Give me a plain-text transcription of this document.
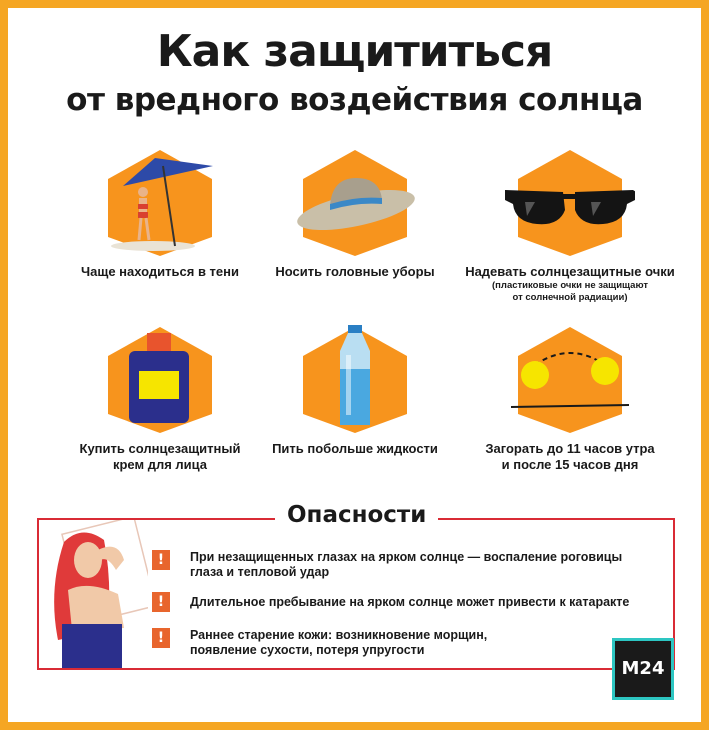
Как защититься
от вредного воздействия солнца
Чаще находиться в тени	Носить головные уборы	Надевать солнцезащитные очки
(пластиковые очки не защищают
от солнечной радиации)
Купить солнцезащитный
крем для лица
Пить побольше жидкости	Загорать до 11 часов утра
и после 15 часов дня
Опасности
!	При незащищенных глазах на ярком солнце — воспаление роговицы
глаза и тепловой удар
!	Длительное пребывание на ярком солнце может привести к катаракте
!	Раннее старение кожи: возникновение морщин,
появление сухости, потеря упругости
M24
